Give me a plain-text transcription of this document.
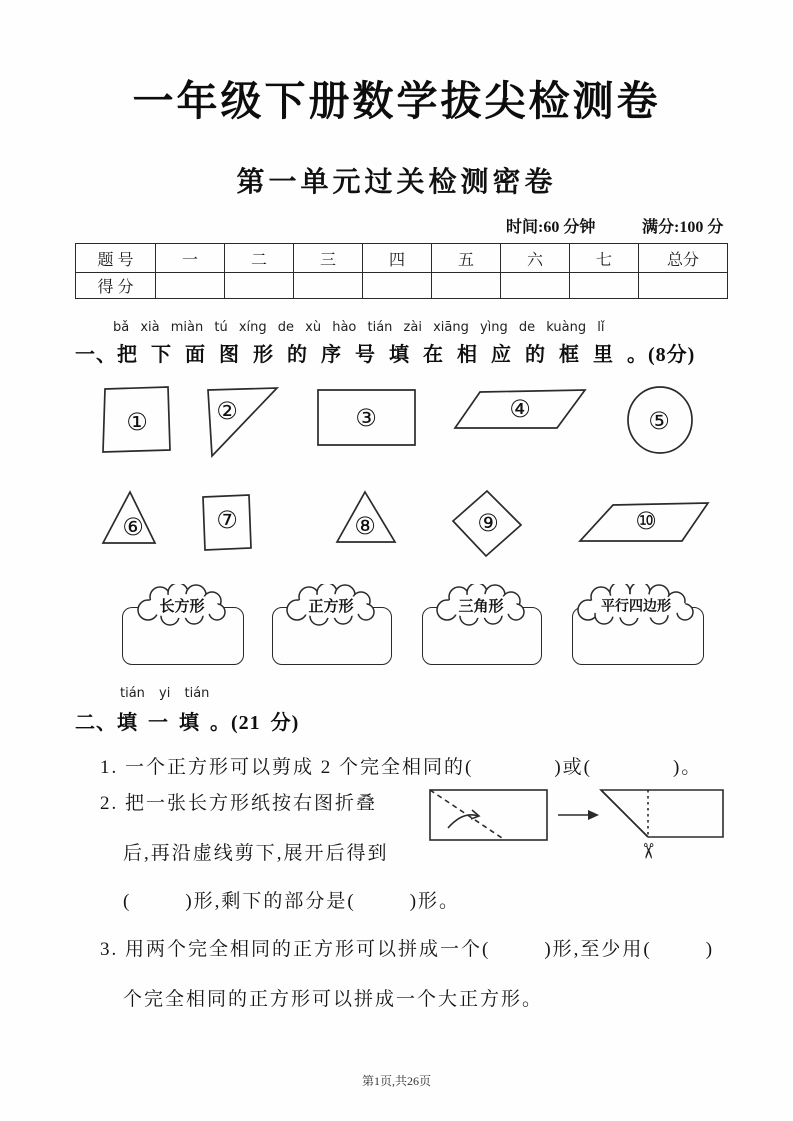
一年级下册数学拔尖检测卷
第一单元过关检测密卷
时间:60 分钟	满分:100 分
题 号	一	二	三	四	五	六	七	总分
得 分								
bǎ xià miàn tú xíng de xù hào tián zài xiāng yìng de kuàng lǐ
一、把 下 面 图 形 的 序 号 填 在 相 应 的 框 里 。(8分)
①	②	③	④	⑤
⑥	⑦	⑧	⑨	⑩
长方形	正方形	三角形	平行四边形
tián yi tián
二、填 一 填 。(21 分)
1. 一个正方形可以剪成 2 个完全相同的(            )或(            )。
2. 把一张长方形纸按右图折叠
后,再沿虚线剪下,展开后得到
(        )形,剩下的部分是(        )形。
✂
3. 用两个完全相同的正方形可以拼成一个(        )形,至少用(        )
个完全相同的正方形可以拼成一个大正方形。
第1页,共26页
